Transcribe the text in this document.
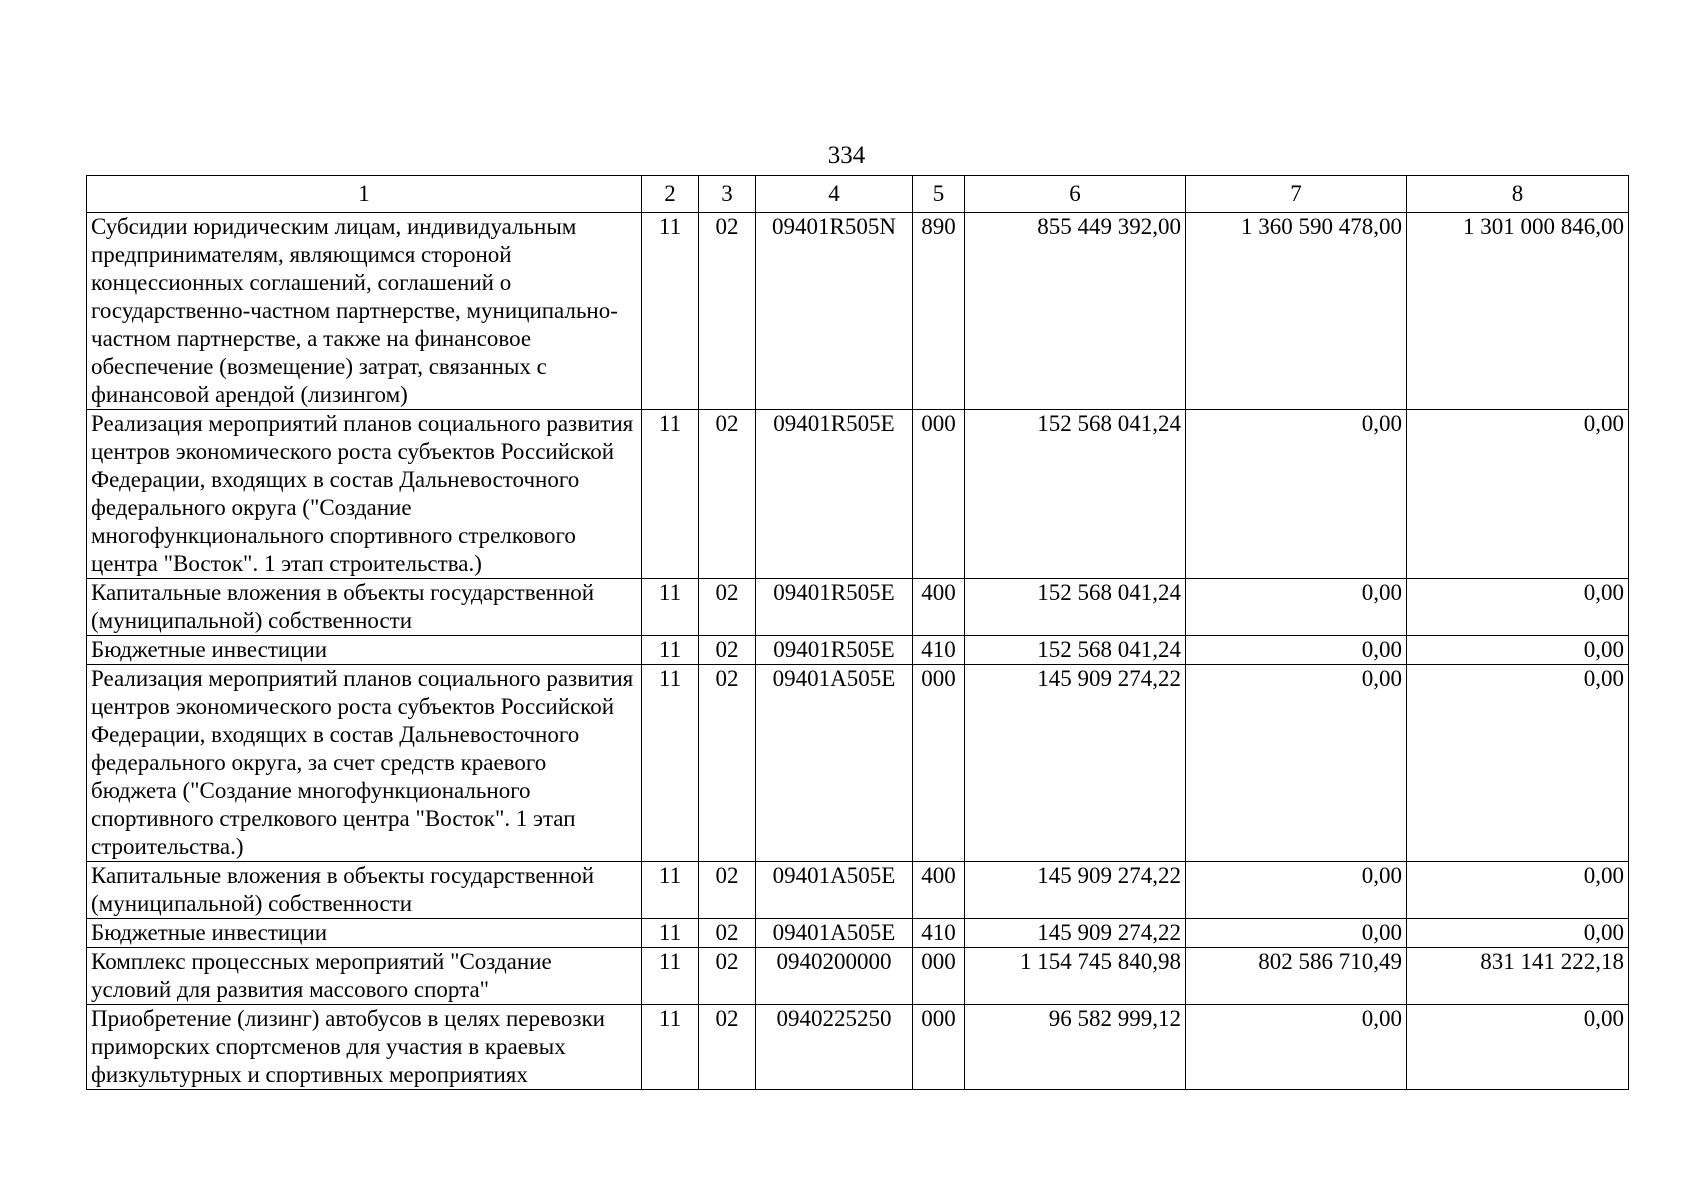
334
1	2	3	4	5	6	7	8
Субсидии юридическим лицам, индивидуальным предпринимателям, являющимся стороной концессионных соглашений, соглашений о государственно-частном партнерстве, муниципально-частном партнерстве, а также на финансовое обеспечение (возмещение) затрат, связанных с финансовой арендой (лизингом)	11	02	09401R505N	890	855 449 392,00	1 360 590 478,00	1 301 000 846,00
Реализация мероприятий планов социального развития центров экономического роста субъектов Российской Федерации, входящих в состав Дальневосточного федерального округа ("Создание многофункционального спортивного стрелкового центра "Восток". 1 этап строительства.)	11	02	09401R505E	000	152 568 041,24	0,00	0,00
Капитальные вложения в объекты государственной (муниципальной) собственности	11	02	09401R505E	400	152 568 041,24	0,00	0,00
Бюджетные инвестиции	11	02	09401R505E	410	152 568 041,24	0,00	0,00
Реализация мероприятий планов социального развития центров экономического роста субъектов Российской Федерации, входящих в состав Дальневосточного федерального округа, за счет средств краевого бюджета ("Создание многофункционального спортивного стрелкового центра "Восток". 1 этап строительства.)	11	02	09401A505E	000	145 909 274,22	0,00	0,00
Капитальные вложения в объекты государственной (муниципальной) собственности	11	02	09401A505E	400	145 909 274,22	0,00	0,00
Бюджетные инвестиции	11	02	09401A505E	410	145 909 274,22	0,00	0,00
Комплекс процессных мероприятий "Создание условий для развития массового спорта"	11	02	0940200000	000	1 154 745 840,98	802 586 710,49	831 141 222,18
Приобретение (лизинг) автобусов в целях перевозки приморских спортсменов для участия в краевых физкультурных и спортивных мероприятиях	11	02	0940225250	000	96 582 999,12	0,00	0,00
